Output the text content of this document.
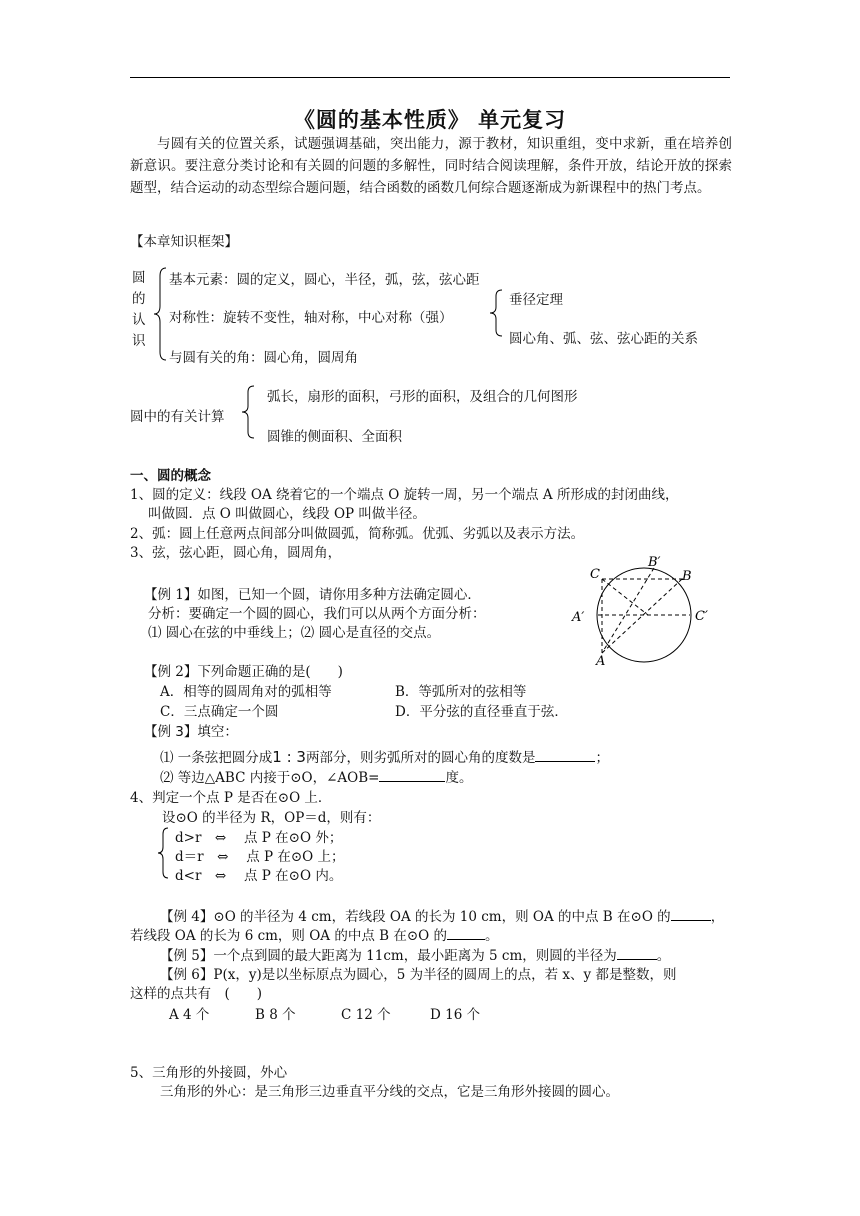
《圆的基本性质》 单元复习
与圆有关的位置关系，试题强调基础，突出能力，源于教材，知识重组，变中求新，重在培养创新意识。要注意分类讨论和有关圆的问题的多解性，同时结合阅读理解，条件开放，结论开放的探索题型，结合运动的动态型综合题问题，结合函数的函数几何综合题逐渐成为新课程中的热门考点。
【本章知识框架】
圆
的
认
识
基本元素：圆的定义，圆心，半径，弧，弦，弦心距
对称性：旋转不变性，轴对称，中心对称（强）
与圆有关的角：圆心角，圆周角
垂径定理
圆心角、弧、弦、弦心距的关系
圆中的有关计算
弧长，扇形的面积，弓形的面积，及组合的几何图形
圆锥的侧面积、全面积
一、圆的概念
1、圆的定义：线段 OA 绕着它的一个端点 O 旋转一周，另一个端点 A 所形成的封闭曲线，
叫做圆．点 O 叫做圆心，线段 OP 叫做半径。
2、弧：圆上任意两点间部分叫做圆弧，简称弧。优弧、劣弧以及表示方法。
3、弦，弦心距，圆心角，圆周角，
【例 1】如图，已知一个圆，请你用多种方法确定圆心．
分析：要确定一个圆的圆心，我们可以从两个方面分析：
⑴ 圆心在弦的中垂线上；⑵ 圆心是直径的交点。
C
B′
B
A′	C′
A
【例 2】下列命题正确的是(　　)
A．相等的圆周角对的弧相等	B．等弧所对的弦相等
C．三点确定一个圆	D．平分弦的直径垂直于弦．
【例 3】填空：
⑴ 一条弦把圆分成1 : 3两部分，则劣弧所对的圆心角的度数是	；
⑵ 等边△ABC 内接于⊙O，∠AOB=	度。
4、判定一个点 P 是否在⊙O 上．
设⊙O 的半径为 R，OP＝d，则有：
d>r　⇔　 点 P 在⊙O 外；
d＝r　⇔　 点 P 在⊙O 上；
d<r　⇔　 点 P 在⊙O 内。
【例 4】⊙O 的半径为 4 cm，若线段 OA 的长为 10 cm，则 OA 的中点 B 在⊙O 的	，
若线段 OA 的长为 6 cm，则 OA 的中点 B 在⊙O 的	。
【例 5】一个点到圆的最大距离为 11cm，最小距离为 5 cm，则圆的半径为	。
【例 6】P(x，y)是以坐标原点为圆心，5 为半径的圆周上的点，若 x、y 都是整数，则
这样的点共有　(　　)
A 4 个	B 8 个	C 12 个	D 16 个
5、三角形的外接圆，外心
三角形的外心：是三角形三边垂直平分线的交点，它是三角形外接圆的圆心。
